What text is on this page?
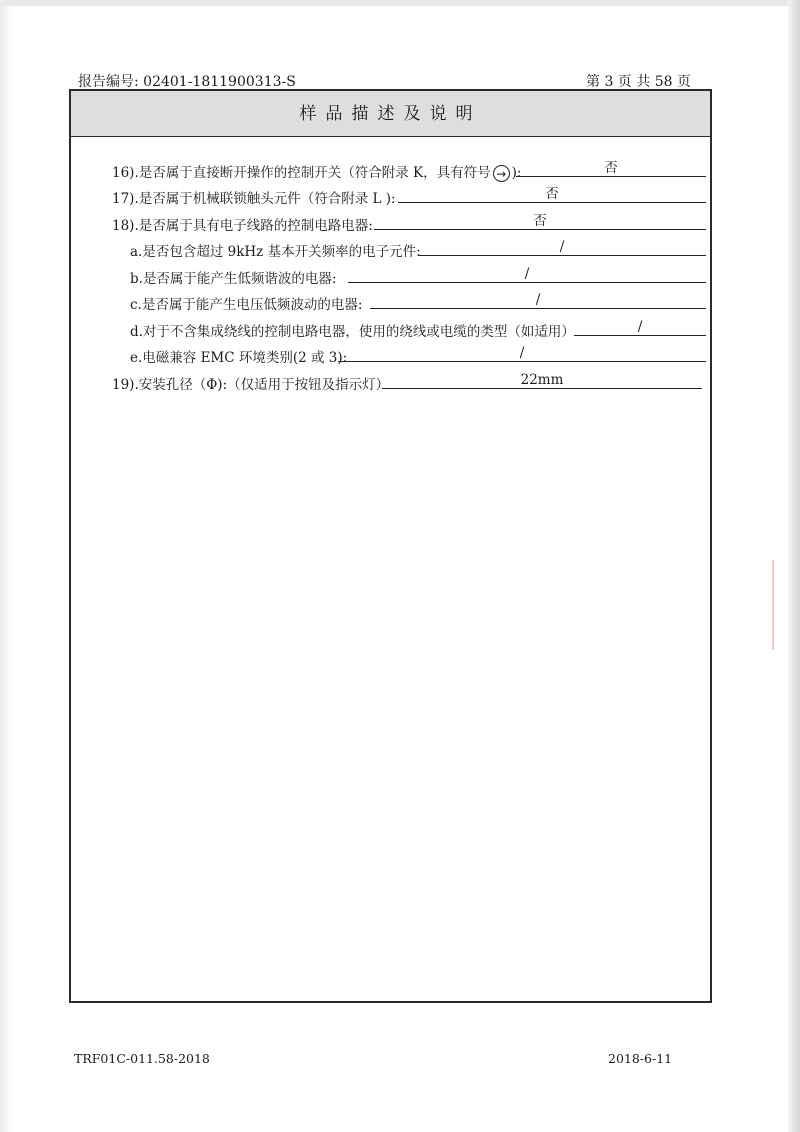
报告编号: 02401-1811900313-S	第 3 页 共 58 页
样品描述及说明
16).是否属于直接断开操作的控制开关（符合附录 K，具有符号 → ):	否
17).是否属于机械联锁触头元件（符合附录 L ):	否
18).是否属于具有电子线路的控制电路电器:	否
a.是否包含超过 9kHz 基本开关频率的电子元件:	/
b.是否属于能产生低频谐波的电器:	/
c.是否属于能产生电压低频波动的电器:	/
d.对于不含集成绕线的控制电路电器，使用的绕线或电缆的类型（如适用）	/
e.电磁兼容 EMC 环境类别(2 或 3):	/
19).安装孔径（Φ):（仅适用于按钮及指示灯）	22mm
TRF01C-011.58-2018	2018-6-11
